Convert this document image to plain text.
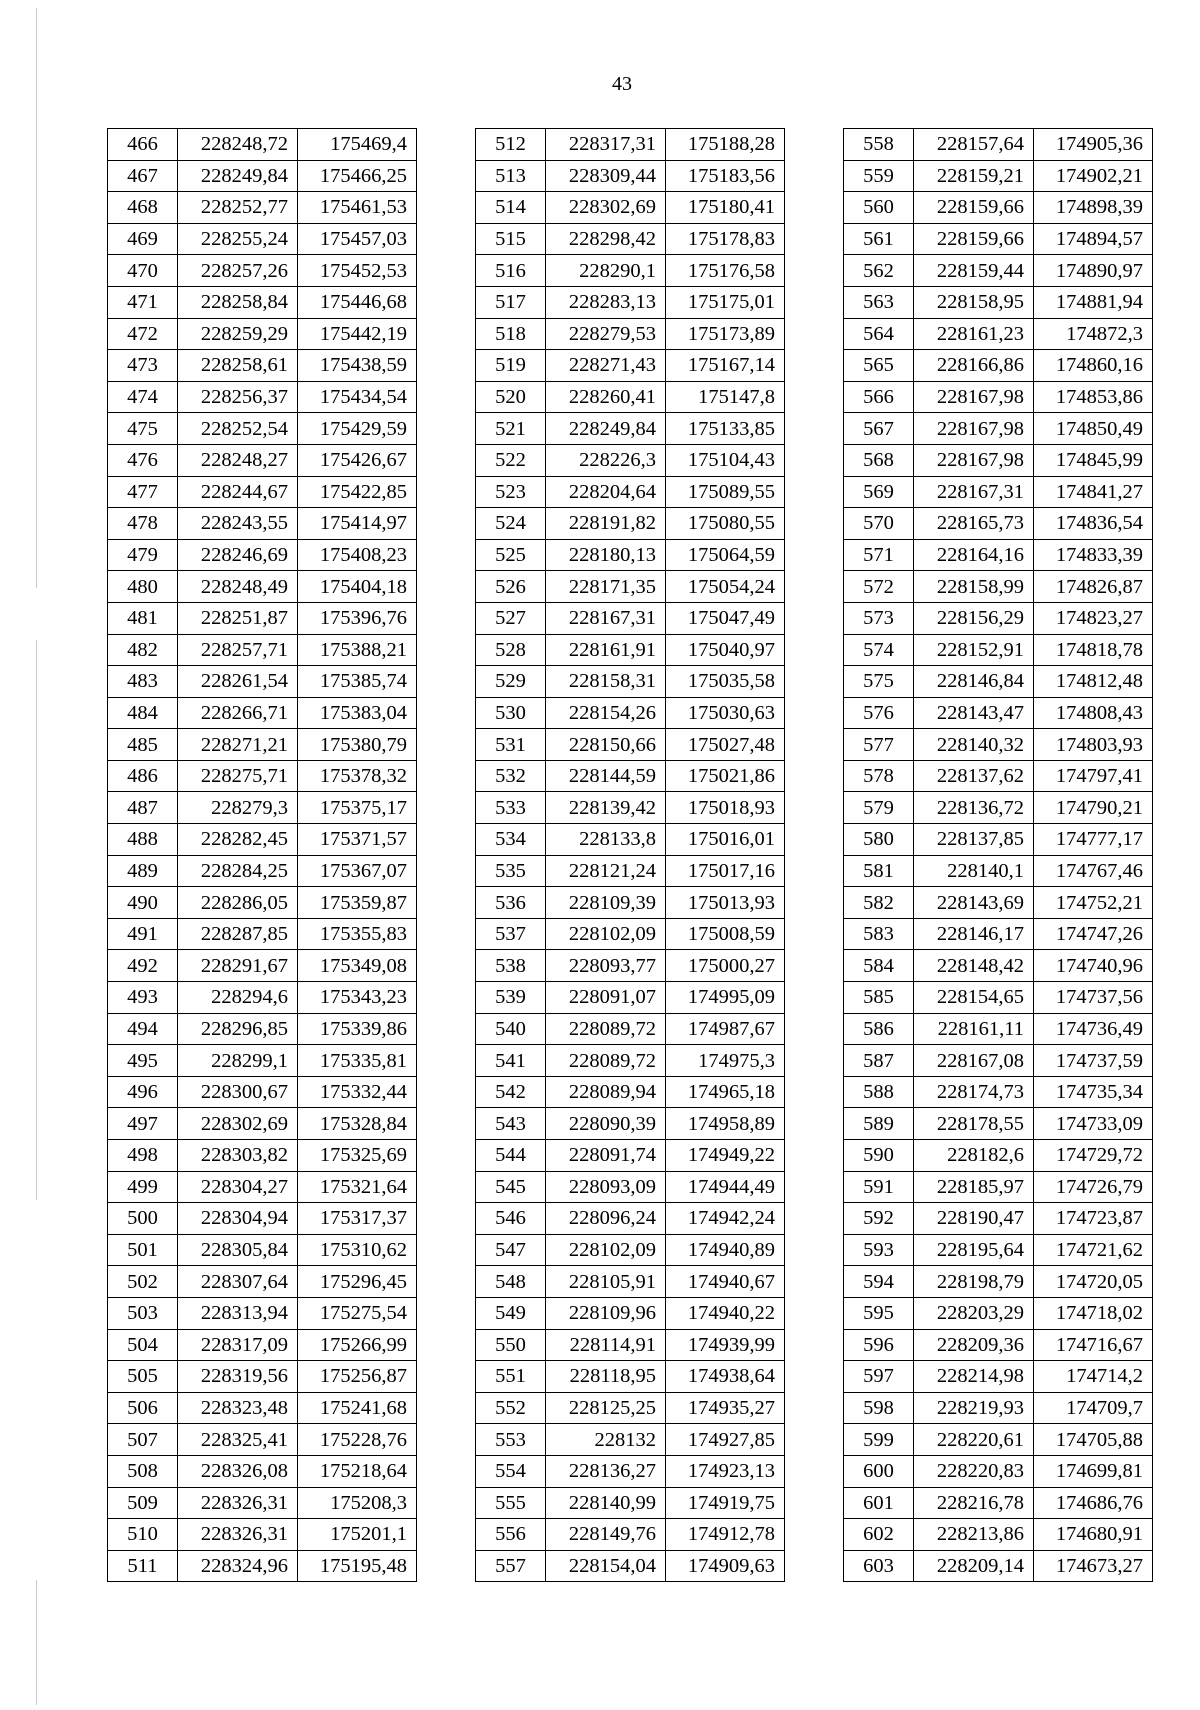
43
466	228248,72	175469,4
467	228249,84	175466,25
468	228252,77	175461,53
469	228255,24	175457,03
470	228257,26	175452,53
471	228258,84	175446,68
472	228259,29	175442,19
473	228258,61	175438,59
474	228256,37	175434,54
475	228252,54	175429,59
476	228248,27	175426,67
477	228244,67	175422,85
478	228243,55	175414,97
479	228246,69	175408,23
480	228248,49	175404,18
481	228251,87	175396,76
482	228257,71	175388,21
483	228261,54	175385,74
484	228266,71	175383,04
485	228271,21	175380,79
486	228275,71	175378,32
487	228279,3	175375,17
488	228282,45	175371,57
489	228284,25	175367,07
490	228286,05	175359,87
491	228287,85	175355,83
492	228291,67	175349,08
493	228294,6	175343,23
494	228296,85	175339,86
495	228299,1	175335,81
496	228300,67	175332,44
497	228302,69	175328,84
498	228303,82	175325,69
499	228304,27	175321,64
500	228304,94	175317,37
501	228305,84	175310,62
502	228307,64	175296,45
503	228313,94	175275,54
504	228317,09	175266,99
505	228319,56	175256,87
506	228323,48	175241,68
507	228325,41	175228,76
508	228326,08	175218,64
509	228326,31	175208,3
510	228326,31	175201,1
511	228324,96	175195,48
512	228317,31	175188,28
513	228309,44	175183,56
514	228302,69	175180,41
515	228298,42	175178,83
516	228290,1	175176,58
517	228283,13	175175,01
518	228279,53	175173,89
519	228271,43	175167,14
520	228260,41	175147,8
521	228249,84	175133,85
522	228226,3	175104,43
523	228204,64	175089,55
524	228191,82	175080,55
525	228180,13	175064,59
526	228171,35	175054,24
527	228167,31	175047,49
528	228161,91	175040,97
529	228158,31	175035,58
530	228154,26	175030,63
531	228150,66	175027,48
532	228144,59	175021,86
533	228139,42	175018,93
534	228133,8	175016,01
535	228121,24	175017,16
536	228109,39	175013,93
537	228102,09	175008,59
538	228093,77	175000,27
539	228091,07	174995,09
540	228089,72	174987,67
541	228089,72	174975,3
542	228089,94	174965,18
543	228090,39	174958,89
544	228091,74	174949,22
545	228093,09	174944,49
546	228096,24	174942,24
547	228102,09	174940,89
548	228105,91	174940,67
549	228109,96	174940,22
550	228114,91	174939,99
551	228118,95	174938,64
552	228125,25	174935,27
553	228132	174927,85
554	228136,27	174923,13
555	228140,99	174919,75
556	228149,76	174912,78
557	228154,04	174909,63
558	228157,64	174905,36
559	228159,21	174902,21
560	228159,66	174898,39
561	228159,66	174894,57
562	228159,44	174890,97
563	228158,95	174881,94
564	228161,23	174872,3
565	228166,86	174860,16
566	228167,98	174853,86
567	228167,98	174850,49
568	228167,98	174845,99
569	228167,31	174841,27
570	228165,73	174836,54
571	228164,16	174833,39
572	228158,99	174826,87
573	228156,29	174823,27
574	228152,91	174818,78
575	228146,84	174812,48
576	228143,47	174808,43
577	228140,32	174803,93
578	228137,62	174797,41
579	228136,72	174790,21
580	228137,85	174777,17
581	228140,1	174767,46
582	228143,69	174752,21
583	228146,17	174747,26
584	228148,42	174740,96
585	228154,65	174737,56
586	228161,11	174736,49
587	228167,08	174737,59
588	228174,73	174735,34
589	228178,55	174733,09
590	228182,6	174729,72
591	228185,97	174726,79
592	228190,47	174723,87
593	228195,64	174721,62
594	228198,79	174720,05
595	228203,29	174718,02
596	228209,36	174716,67
597	228214,98	174714,2
598	228219,93	174709,7
599	228220,61	174705,88
600	228220,83	174699,81
601	228216,78	174686,76
602	228213,86	174680,91
603	228209,14	174673,27
